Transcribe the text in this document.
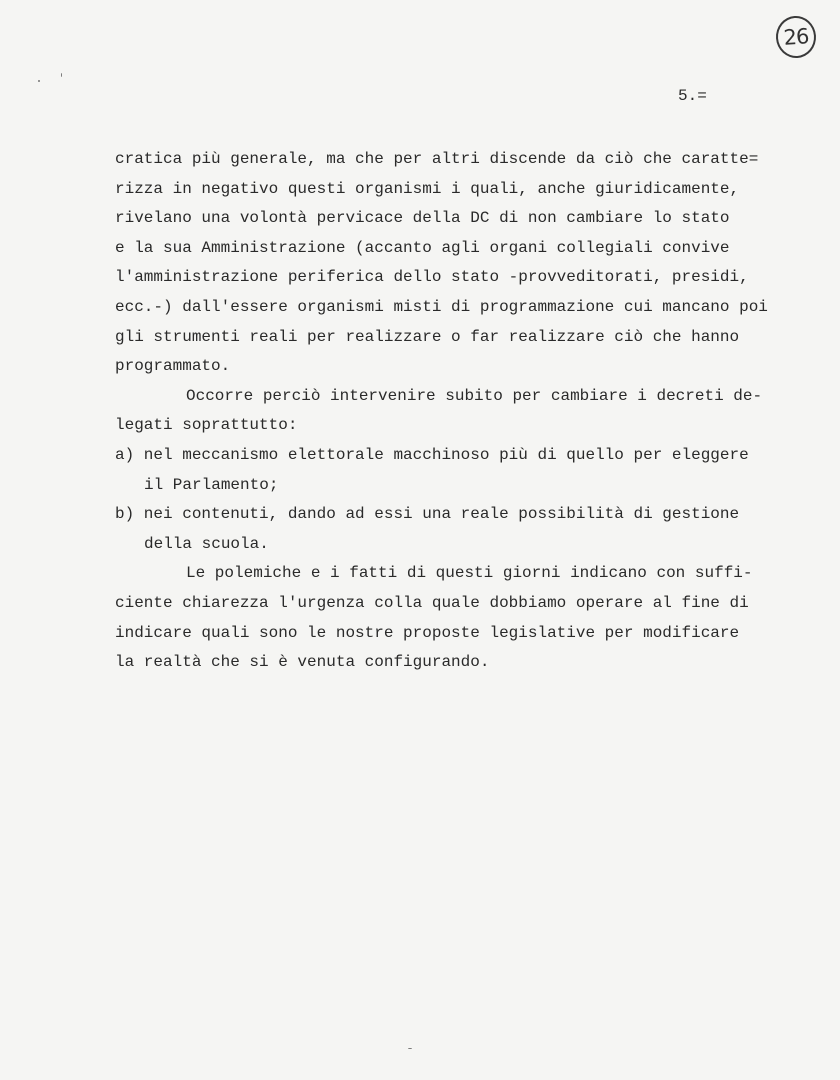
26
5.=
cratica più generale, ma che per altri discende da ciò che caratte=
rizza in negativo questi organismi i quali, anche giuridicamente,
rivelano una volontà pervicace della DC di non cambiare lo stato
e la sua Amministrazione (accanto agli organi collegiali convive
l'amministrazione periferica dello stato -provveditorati, presidi,
ecc.-) dall'essere organismi misti di programmazione cui mancano poi
gli strumenti reali per realizzare o far realizzare ciò che hanno
programmato.
Occorre perciò intervenire subito per cambiare i decreti de-
legati soprattutto:
a) nel meccanismo elettorale macchinoso più di quello per eleggere
il Parlamento;
b) nei contenuti, dando ad essi una reale possibilità di gestione
della scuola.
Le polemiche e i fatti di questi giorni indicano con suffi-
ciente chiarezza l'urgenza colla quale dobbiamo operare al fine di
indicare quali sono le nostre proposte legislative per modificare
la realtà che si è venuta configurando.
